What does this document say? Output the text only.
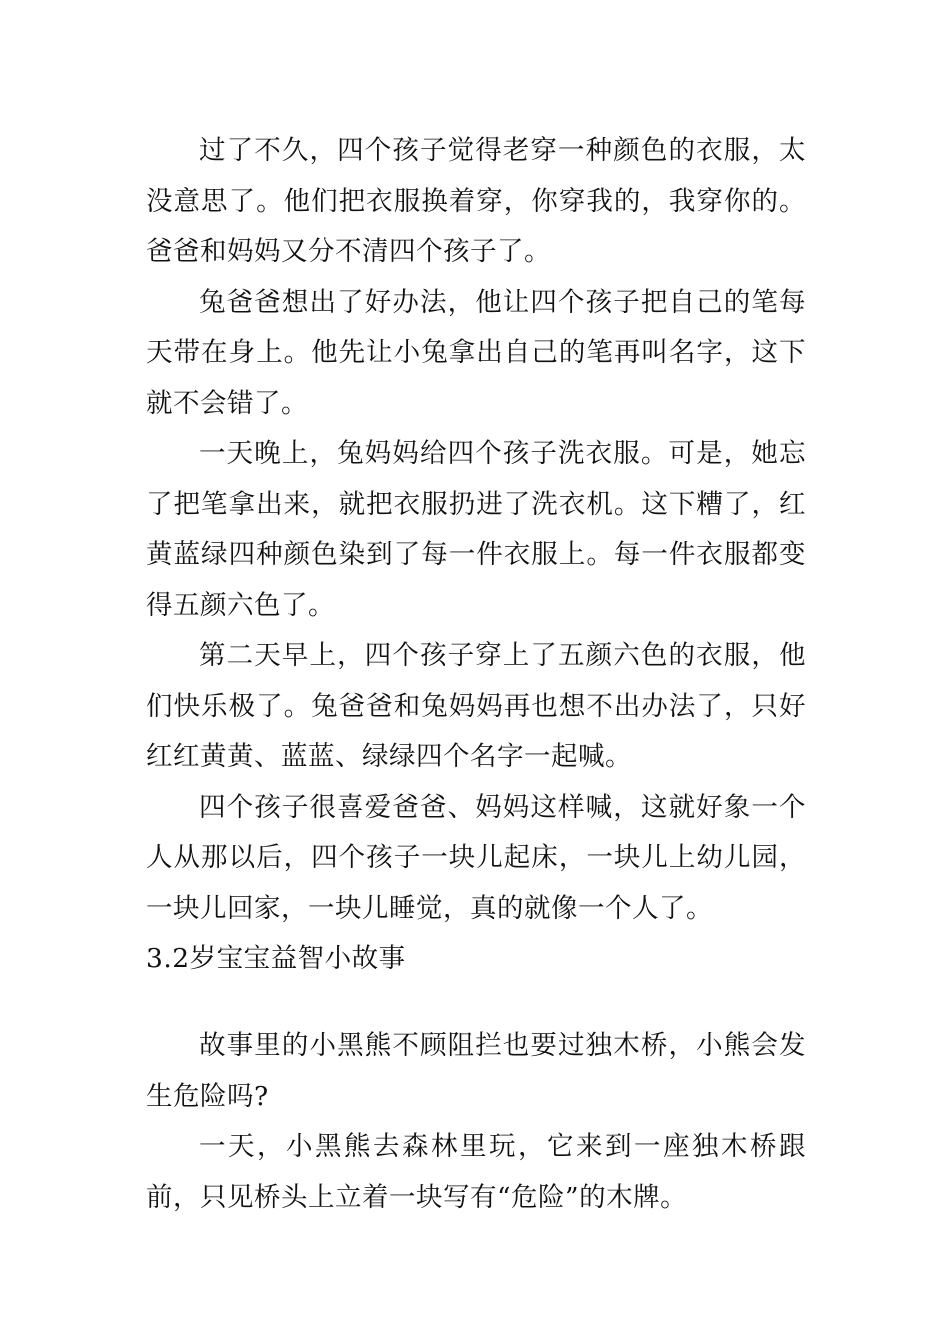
过了不久，四个孩子觉得老穿一种颜色的衣服，太没意思了。他们把衣服换着穿，你穿我的，我穿你的。爸爸和妈妈又分不清四个孩子了。

兔爸爸想出了好办法，他让四个孩子把自己的笔每天带在身上。他先让小兔拿出自己的笔再叫名字，这下就不会错了。

一天晚上，兔妈妈给四个孩子洗衣服。可是，她忘了把笔拿出来，就把衣服扔进了洗衣机。这下糟了，红黄蓝绿四种颜色染到了每一件衣服上。每一件衣服都变得五颜六色了。

第二天早上，四个孩子穿上了五颜六色的衣服，他们快乐极了。兔爸爸和兔妈妈再也想不出办法了，只好红红黄黄、蓝蓝、绿绿四个名字一起喊。

四个孩子很喜爱爸爸、妈妈这样喊，这就好象一个人从那以后，四个孩子一块儿起床，一块儿上幼儿园，一块儿回家，一块儿睡觉，真的就像一个人了。

3.2岁宝宝益智小故事

故事里的小黑熊不顾阻拦也要过独木桥，小熊会发生危险吗?

一天，小黑熊去森林里玩，它来到一座独木桥跟前，只见桥头上立着一块写有“危险”的木牌。
